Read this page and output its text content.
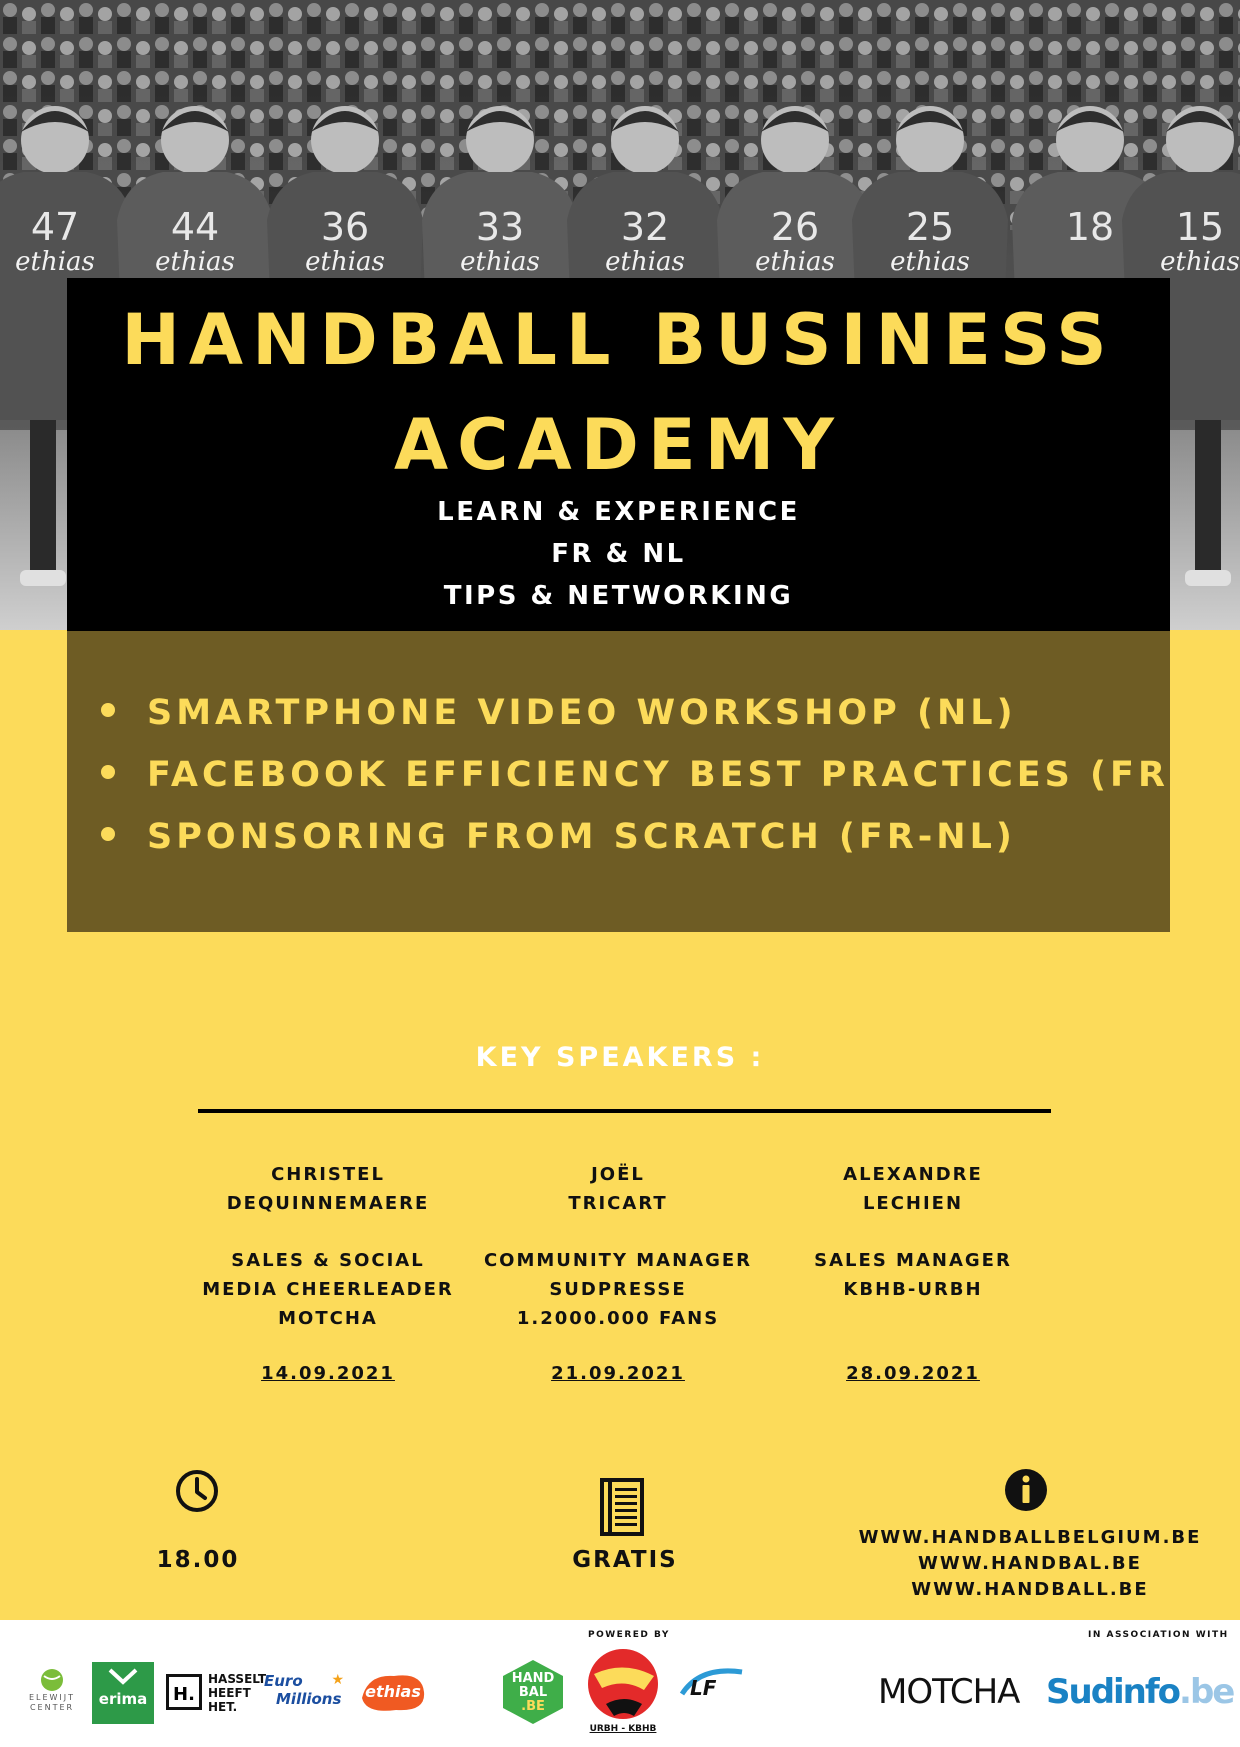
47
ethias
44
ethias
36
ethias
33
ethias
32
ethias
26
ethias
25
ethias
18 15
ethias
HANDBALL BUSINESS
ACADEMY
LEARN & EXPERIENCE
FR & NL
TIPS & NETWORKING
SMARTPHONE VIDEO WORKSHOP (NL)
FACEBOOK EFFICIENCY BEST PRACTICES (FR)
SPONSORING FROM SCRATCH (FR-NL)
KEY SPEAKERS :
CHRISTEL
DEQUINNEMAERE
SALES & SOCIAL
MEDIA CHEERLEADER
MOTCHA
14.09.2021
JOËL
TRICART
COMMUNITY MANAGER
SUDPRESSE
1.2000.000 FANS
21.09.2021
ALEXANDRE
LECHIEN
SALES MANAGER
KBHB-URBH
28.09.2021
18.00	GRATIS
WWW.HANDBALLBELGIUM.BE
WWW.HANDBAL.BE
WWW.HANDBALL.BE
POWERED BY	IN ASSOCIATION WITH
ELEWIJT
CENTER	erima	H.
HASSELT
HEEFT
HET.
Euro
Millions
★
ethias
HAND
BAL
.BE
URBH - KBHB
LF	MOTCHA Sudinfo.be
